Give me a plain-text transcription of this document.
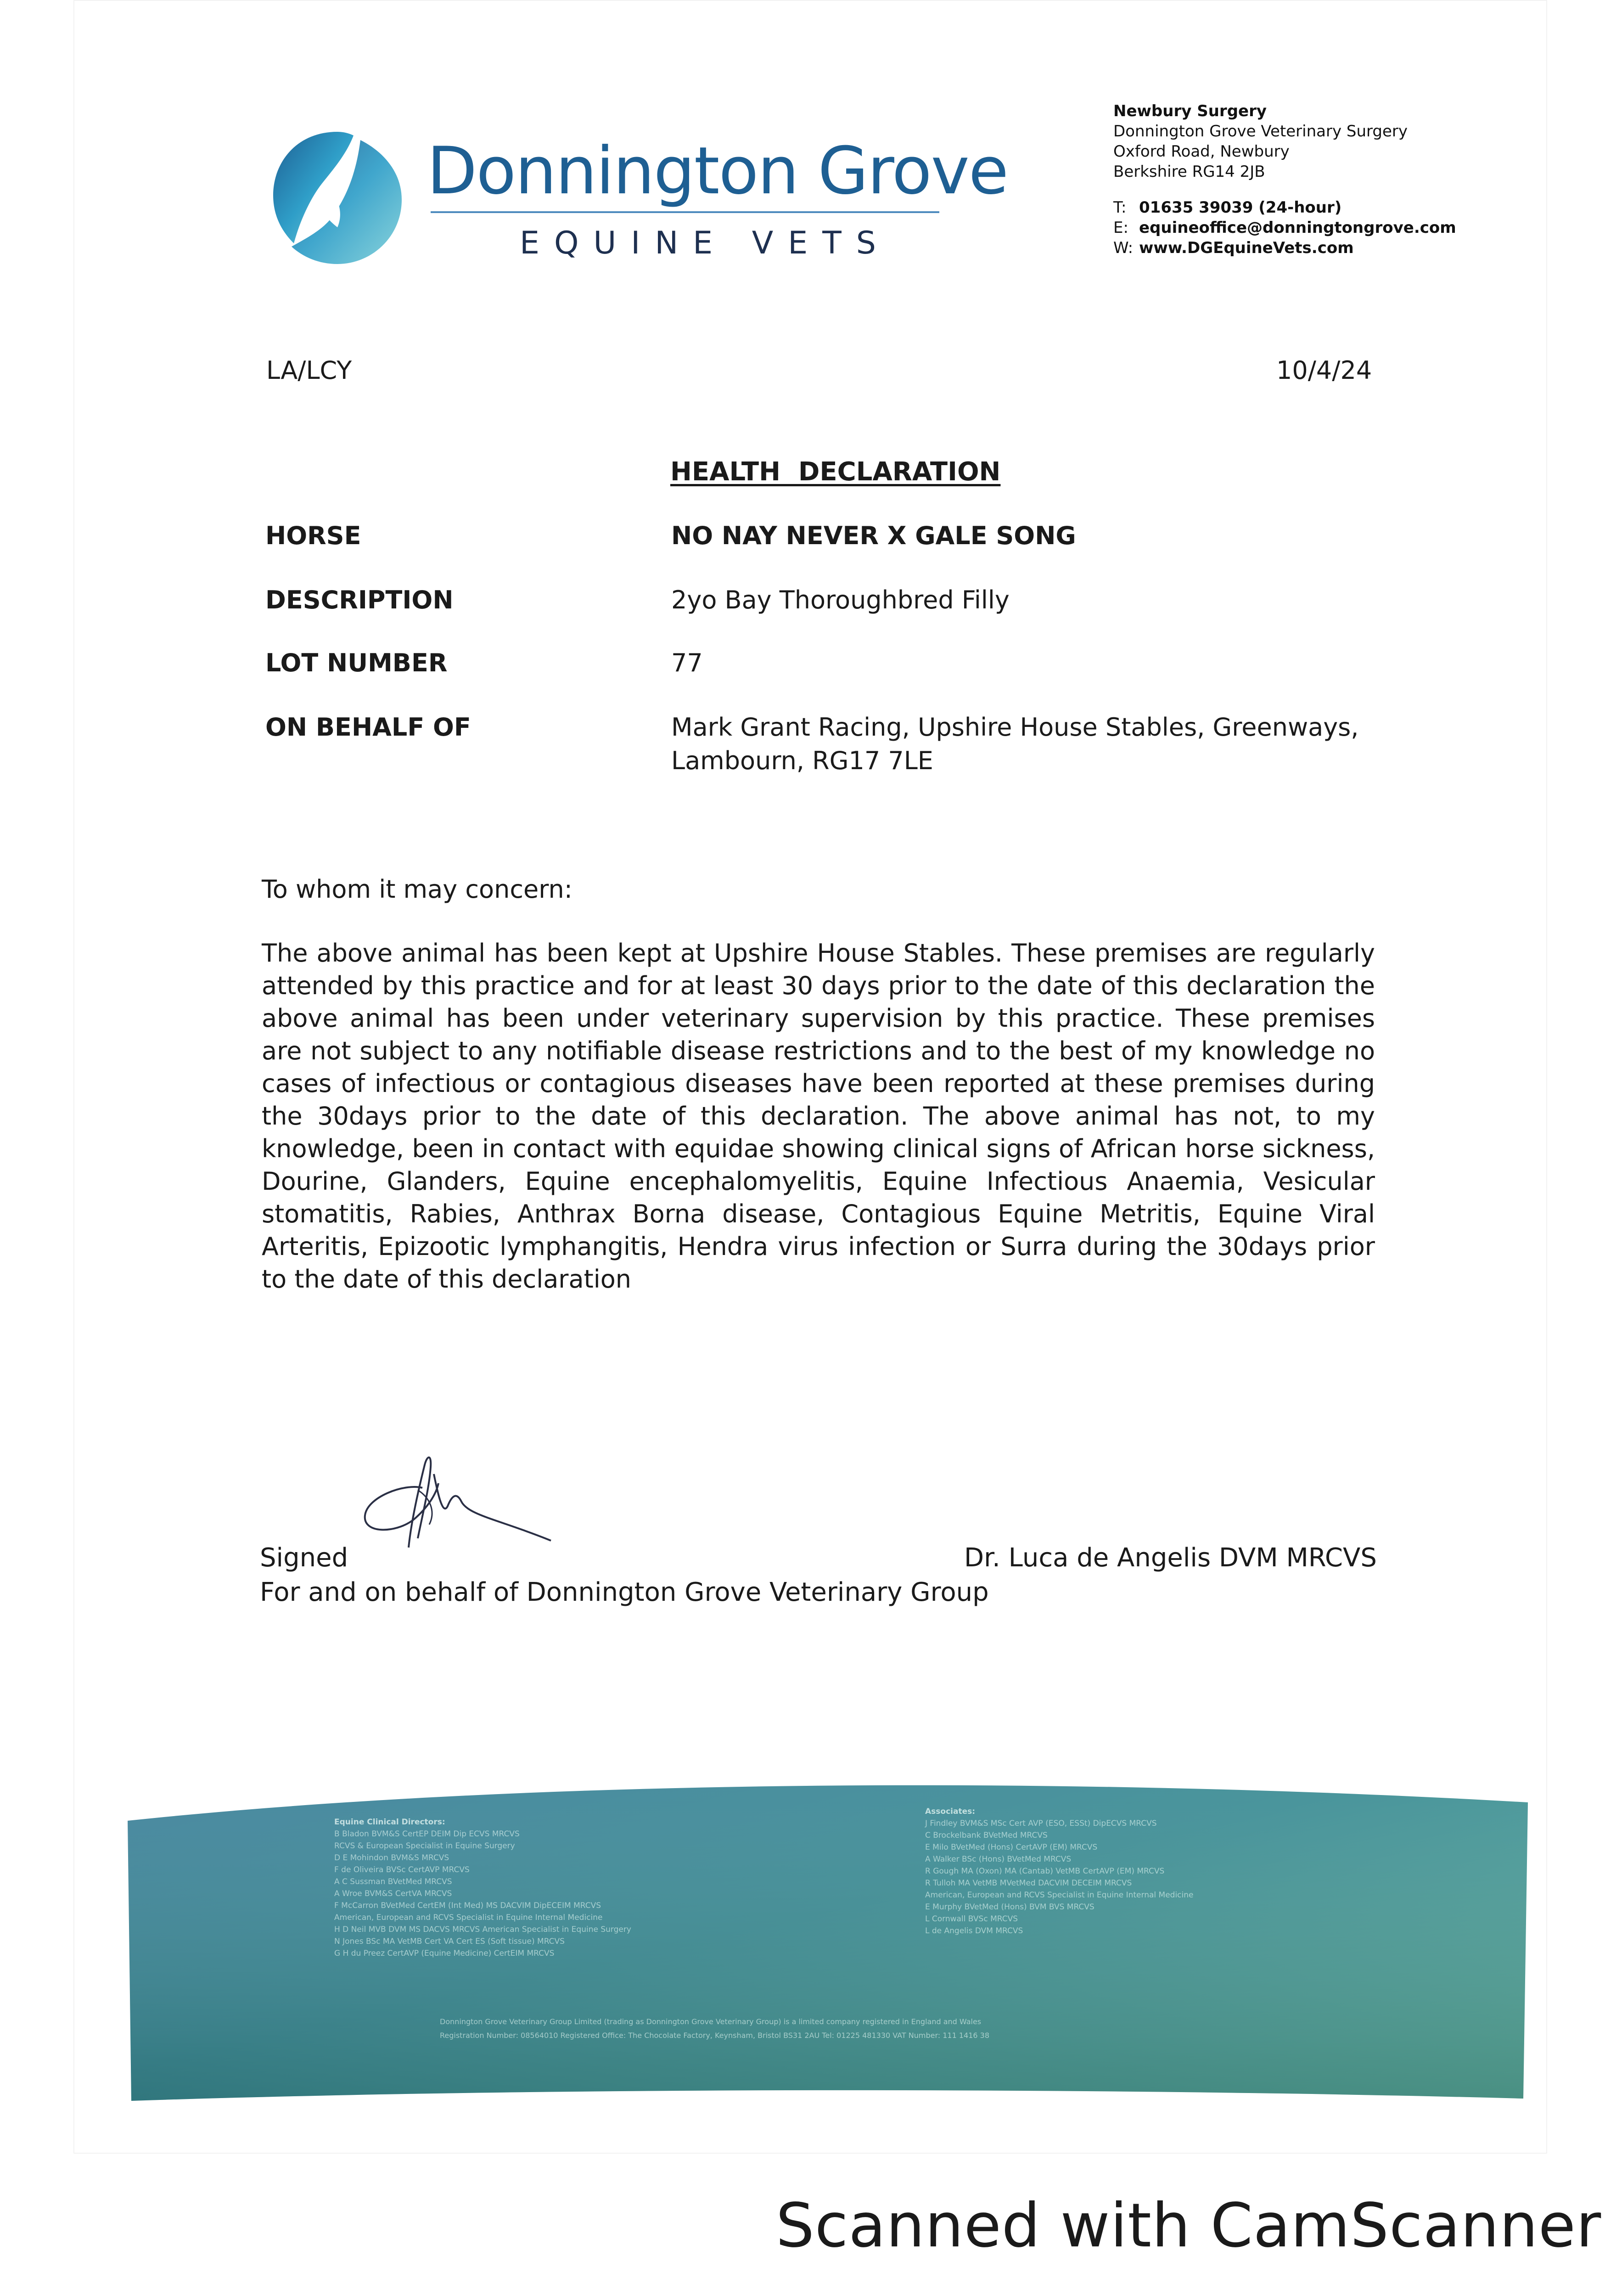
Donnington Grove
EQUINE VETS
Newbury Surgery
Donnington Grove Veterinary Surgery
Oxford Road, Newbury
Berkshire RG14 2JB
T: 01635 39039 (24-hour)
E: equineoffice@donningtongrove.com
W: www.DGEquineVets.com
LA/LCY	10/4/24
HEALTH  DECLARATION
HORSE	NO NAY NEVER X GALE SONG
DESCRIPTION	2yo Bay Thoroughbred Filly
LOT NUMBER	77
ON BEHALF OF	Mark Grant Racing, Upshire House Stables, Greenways,
Lambourn, RG17 7LE
To whom it may concern:
The above animal has been kept at Upshire House Stables. These premises are regularly attended by this practice and for at least 30 days prior to the date of this declaration the above animal has been under veterinary supervision by this practice. These premises are not subject to any notifiable disease restrictions and to the best of my knowledge no cases of infectious or contagious diseases have been reported at these premises during the 30days prior to the date of this declaration. The above animal has not, to my knowledge, been in contact with equidae showing clinical signs of African horse sickness, Dourine, Glanders, Equine encephalomyelitis, Equine Infectious Anaemia, Vesicular stomatitis, Rabies, Anthrax Borna disease, Contagious Equine Metritis, Equine Viral Arteritis, Epizootic lymphangitis, Hendra virus infection or Surra during the 30days prior to the date of this declaration
Signed	Dr. Luca de Angelis DVM MRCVS
For and on behalf of Donnington Grove Veterinary Group
Equine Clinical Directors:
B Bladon BVM&S CertEP DEIM Dip ECVS MRCVS
RCVS & European Specialist in Equine Surgery
D E Mohindon BVM&S MRCVS
F de Oliveira BVSc CertAVP MRCVS
A C Sussman BVetMed MRCVS
A Wroe BVM&S CertVA MRCVS
F McCarron BVetMed CertEM (Int Med) MS DACVIM DipECEIM MRCVS
American, European and RCVS Specialist in Equine Internal Medicine
H D Neil MVB DVM MS DACVS MRCVS American Specialist in Equine Surgery
N Jones BSc MA VetMB Cert VA Cert ES (Soft tissue) MRCVS
G H du Preez CertAVP (Equine Medicine) CertEIM MRCVS
Associates:
J Findley BVM&S MSc Cert AVP (ESO, ESSt) DipECVS MRCVS
C Brockelbank BVetMed MRCVS
E Milo BVetMed (Hons) CertAVP (EM) MRCVS
A Walker BSc (Hons) BVetMed MRCVS
R Gough MA (Oxon) MA (Cantab) VetMB CertAVP (EM) MRCVS
R Tulloh MA VetMB MVetMed DACVIM DECEIM MRCVS
American, European and RCVS Specialist in Equine Internal Medicine
E Murphy BVetMed (Hons) BVM BVS MRCVS
L Cornwall BVSc MRCVS
L de Angelis DVM MRCVS
Donnington Grove Veterinary Group Limited (trading as Donnington Grove Veterinary Group) is a limited company registered in England and Wales
Registration Number: 08564010 Registered Office: The Chocolate Factory, Keynsham, Bristol BS31 2AU Tel: 01225 481330 VAT Number: 111 1416 38
Scanned with CamScanner
